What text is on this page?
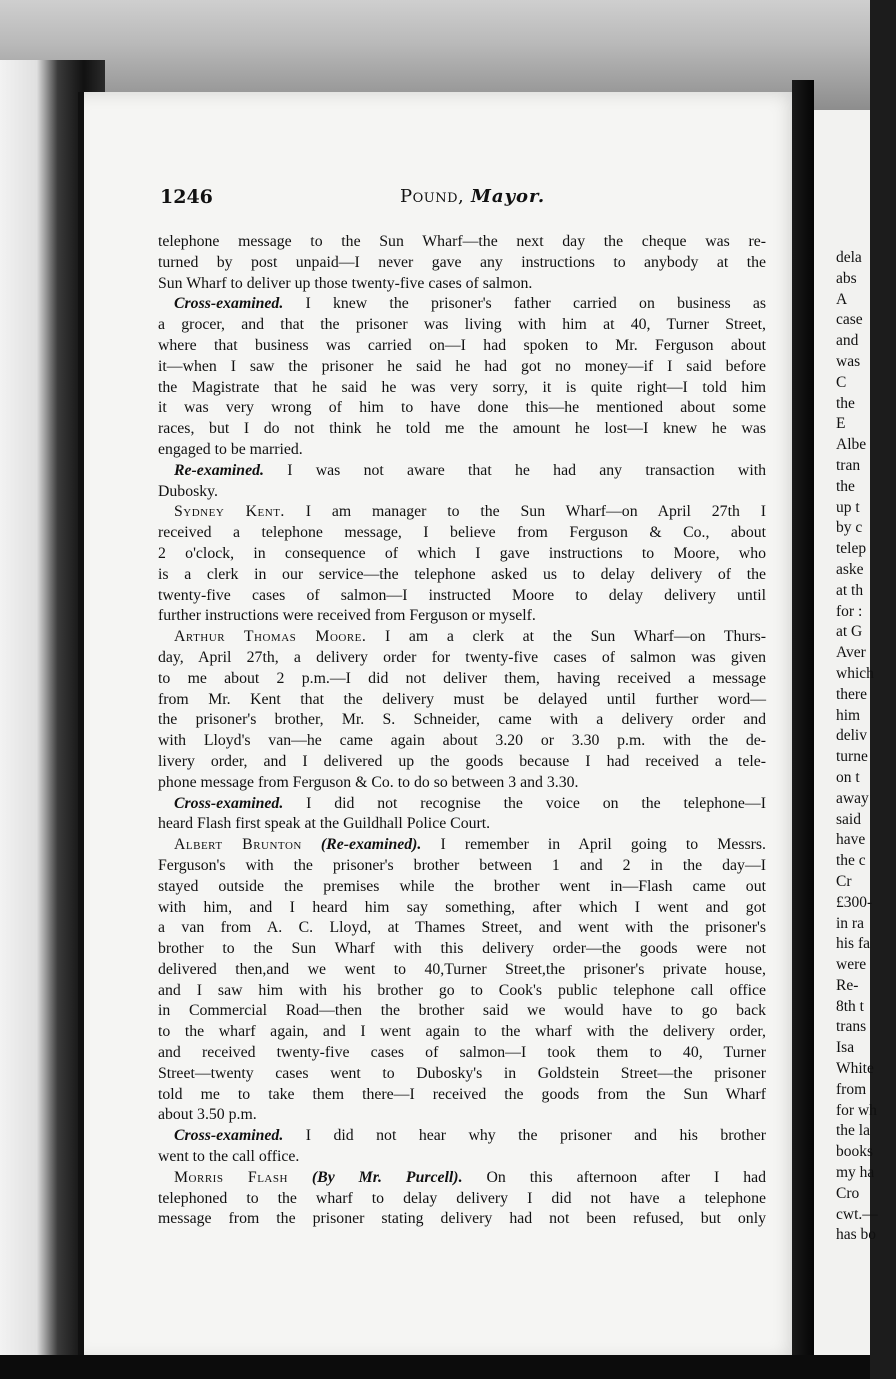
1246	Pound, Mayor.
telephone message to the Sun Wharf—the next day the cheque was re-
turned by post unpaid—I never gave any instructions to anybody at the
Sun Wharf to deliver up those twenty-five cases of salmon.
Cross-examined. I knew the prisoner's father carried on business as
a grocer, and that the prisoner was living with him at 40, Turner Street,
where that business was carried on—I had spoken to Mr. Ferguson about
it—when I saw the prisoner he said he had got no money—if I said before
the Magistrate that he said he was very sorry, it is quite right—I told him
it was very wrong of him to have done this—he mentioned about some
races, but I do not think he told me the amount he lost—I knew he was
engaged to be married.
Re-examined. I was not aware that he had any transaction with
Dubosky.
Sydney Kent. I am manager to the Sun Wharf—on April 27th I
received a telephone message, I believe from Ferguson & Co., about
2 o'clock, in consequence of which I gave instructions to Moore, who
is a clerk in our service—the telephone asked us to delay delivery of the
twenty-five cases of salmon—I instructed Moore to delay delivery until
further instructions were received from Ferguson or myself.
Arthur Thomas Moore. I am a clerk at the Sun Wharf—on Thurs-
day, April 27th, a delivery order for twenty-five cases of salmon was given
to me about 2 p.m.—I did not deliver them, having received a message
from Mr. Kent that the delivery must be delayed until further word—
the prisoner's brother, Mr. S. Schneider, came with a delivery order and
with Lloyd's van—he came again about 3.20 or 3.30 p.m. with the de-
livery order, and I delivered up the goods because I had received a tele-
phone message from Ferguson & Co. to do so between 3 and 3.30.
Cross-examined. I did not recognise the voice on the telephone—I
heard Flash first speak at the Guildhall Police Court.
Albert Brunton (Re-examined). I remember in April going to Messrs.
Ferguson's with the prisoner's brother between 1 and 2 in the day—I
stayed outside the premises while the brother went in—Flash came out
with him, and I heard him say something, after which I went and got
a van from A. C. Lloyd, at Thames Street, and went with the prisoner's
brother to the Sun Wharf with this delivery order—the goods were not
delivered then,and we went to 40,Turner Street,the prisoner's private house,
and I saw him with his brother go to Cook's public telephone call office
in Commercial Road—then the brother said we would have to go back
to the wharf again, and I went again to the wharf with the delivery order,
and received twenty-five cases of salmon—I took them to 40, Turner
Street—twenty cases went to Dubosky's in Goldstein Street—the prisoner
told me to take them there—I received the goods from the Sun Wharf
about 3.50 p.m.
Cross-examined. I did not hear why the prisoner and his brother
went to the call office.
Morris Flash (By Mr. Purcell). On this afternoon after I had
telephoned to the wharf to delay delivery I did not have a telephone
message from the prisoner stating delivery had not been refused, but only
dela
abs
A
case
and
was
C
the
E
Albe
tran
the
up t
by c
telep
aske
at th
for :
at G
Aver
which
there
him
deliv
turne
on t
away
said
have
the c
Cr
£300-
in ra
his fa
were
Re-
8th t
trans
Isa
White
from
for wh
the la
books
my ha
Cro
cwt.—
has bo
